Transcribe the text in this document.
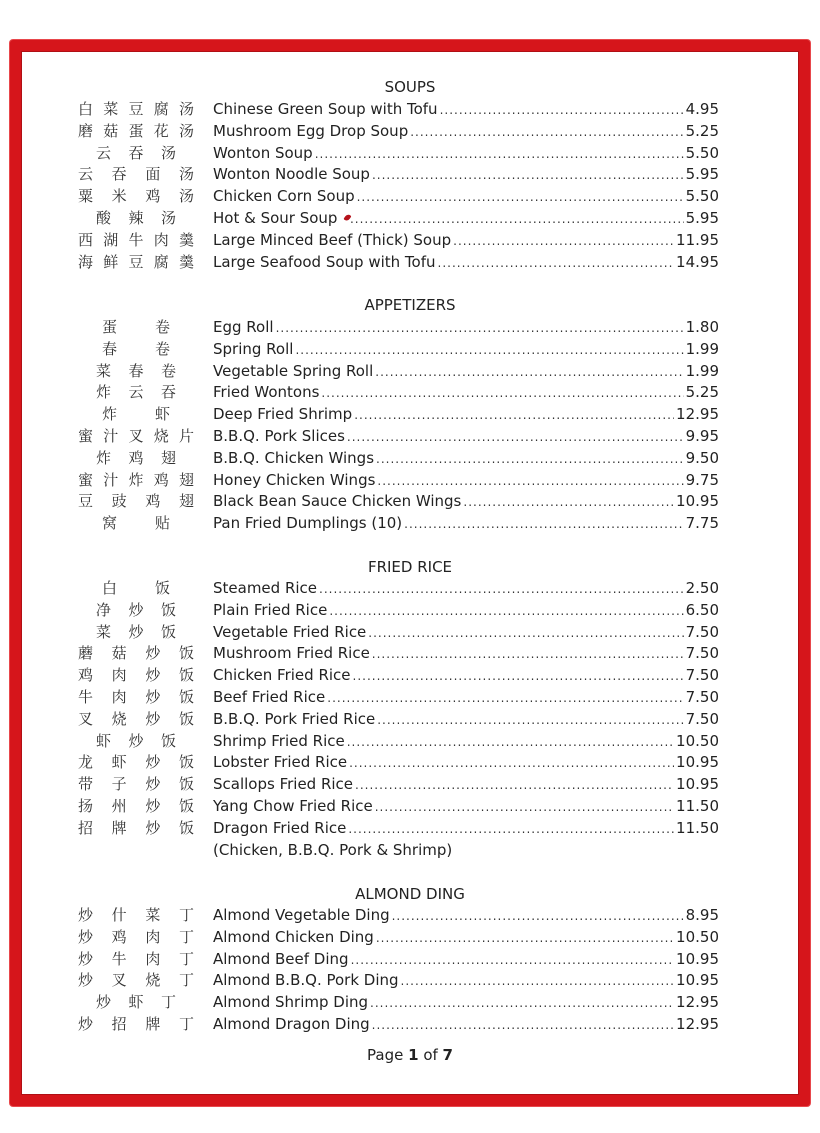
SOUPS
白菜豆腐汤 Chinese Green Soup with Tofu .....	4.95
磨菇蛋花汤 Mushroom Egg Drop Soup .....	5.25
云吞汤 Wonton Soup .....	5.50
云吞面汤 Wonton Noodle Soup .....	5.95
粟米鸡汤 Chicken Corn Soup .....	5.50
酸辣汤 Hot & Sour Soup .....	5.95
西湖牛肉羹 Large Minced Beef (Thick) Soup .....	11.95
海鲜豆腐羹 Large Seafood Soup with Tofu .....	14.95
APPETIZERS
蛋卷	Egg Roll .....	1.80
春卷	Spring Roll .....	1.99
菜春卷 Vegetable Spring Roll .....	1.99
炸云吞 Fried Wontons .....	5.25
炸虾	Deep Fried Shrimp .....	12.95
蜜汁叉烧片 B.B.Q. Pork Slices .....	9.95
炸鸡翅 B.B.Q. Chicken Wings .....	9.50
蜜汁炸鸡翅 Honey Chicken Wings .....	9.75
豆豉鸡翅 Black Bean Sauce Chicken Wings .....	10.95
窝贴	Pan Fried Dumplings (10) .....	7.75
FRIED RICE
白饭	Steamed Rice .....	2.50
净炒饭 Plain Fried Rice .....	6.50
菜炒饭 Vegetable Fried Rice .....	7.50
蘑菇炒饭 Mushroom Fried Rice .....	7.50
鸡肉炒饭 Chicken Fried Rice .....	7.50
牛肉炒饭 Beef Fried Rice .....	7.50
叉烧炒饭 B.B.Q. Pork Fried Rice .....	7.50
虾炒饭 Shrimp Fried Rice .....	10.50
龙虾炒饭 Lobster Fried Rice .....	10.95
带子炒饭 Scallops Fried Rice .....	10.95
扬州炒饭 Yang Chow Fried Rice .....	11.50
招牌炒饭 Dragon Fried Rice .....	11.50
(Chicken, B.B.Q. Pork & Shrimp)
ALMOND DING
炒什菜丁 Almond Vegetable Ding .....	8.95
炒鸡肉丁 Almond Chicken Ding .....	10.50
炒牛肉丁 Almond Beef Ding .....	10.95
炒叉烧丁 Almond B.B.Q. Pork Ding .....	10.95
炒虾丁 Almond Shrimp Ding .....	12.95
炒招牌丁 Almond Dragon Ding .....	12.95
Page 1 of 7
